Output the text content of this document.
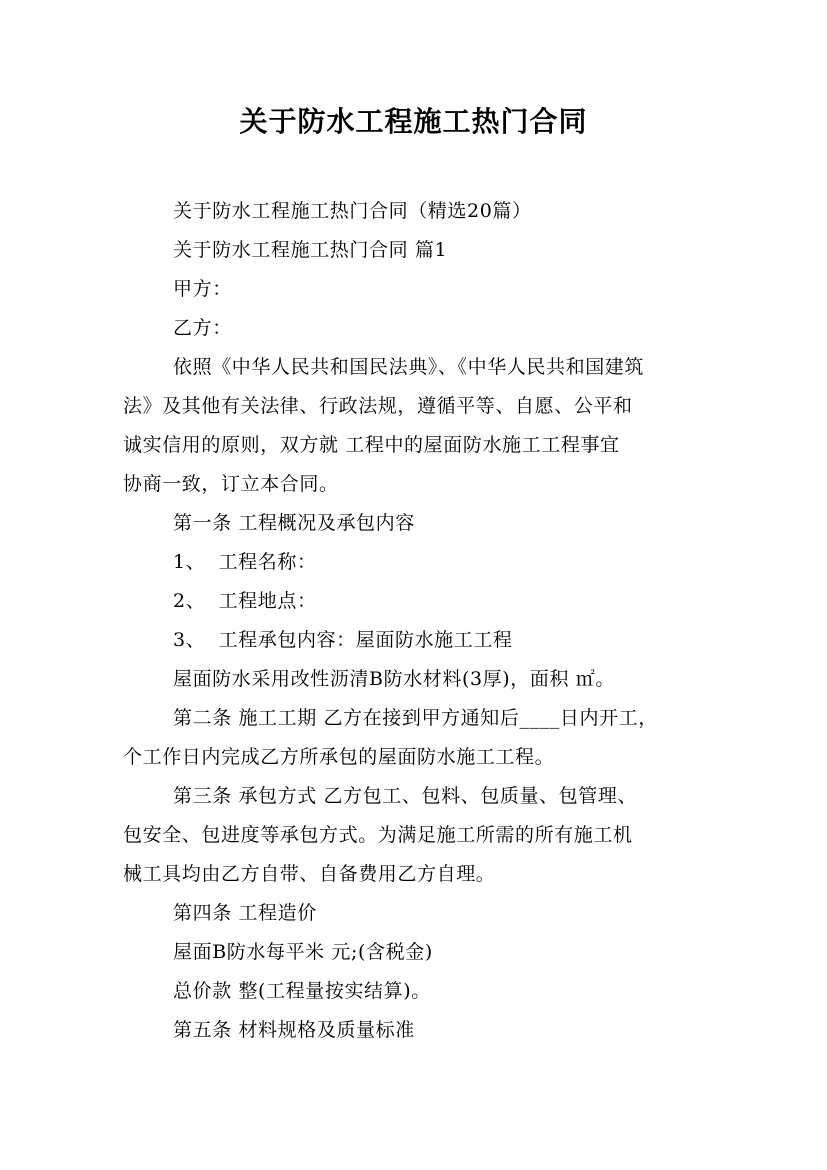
关于防水工程施工热门合同
关于防水工程施工热门合同（精选20篇）
关于防水工程施工热门合同 篇1
甲方：
乙方：
依照《中华人民共和国民法典》、《中华人民共和国建筑
法》及其他有关法律、行政法规，遵循平等、自愿、公平和
诚实信用的原则，双方就 工程中的屋面防水施工工程事宜
协商一致，订立本合同。
第一条 工程概况及承包内容
1、  工程名称：
2、  工程地点：
3、  工程承包内容：屋面防水施工工程
屋面防水采用改性沥清B防水材料(3厚)，面积 ㎡。
第二条 施工工期 乙方在接到甲方通知后____日内开工，
个工作日内完成乙方所承包的屋面防水施工工程。
第三条 承包方式 乙方包工、包料、包质量、包管理、
包安全、包进度等承包方式。为满足施工所需的所有施工机
械工具均由乙方自带、自备费用乙方自理。
第四条 工程造价
屋面B防水每平米 元;(含税金)
总价款 整(工程量按实结算)。
第五条 材料规格及质量标准
